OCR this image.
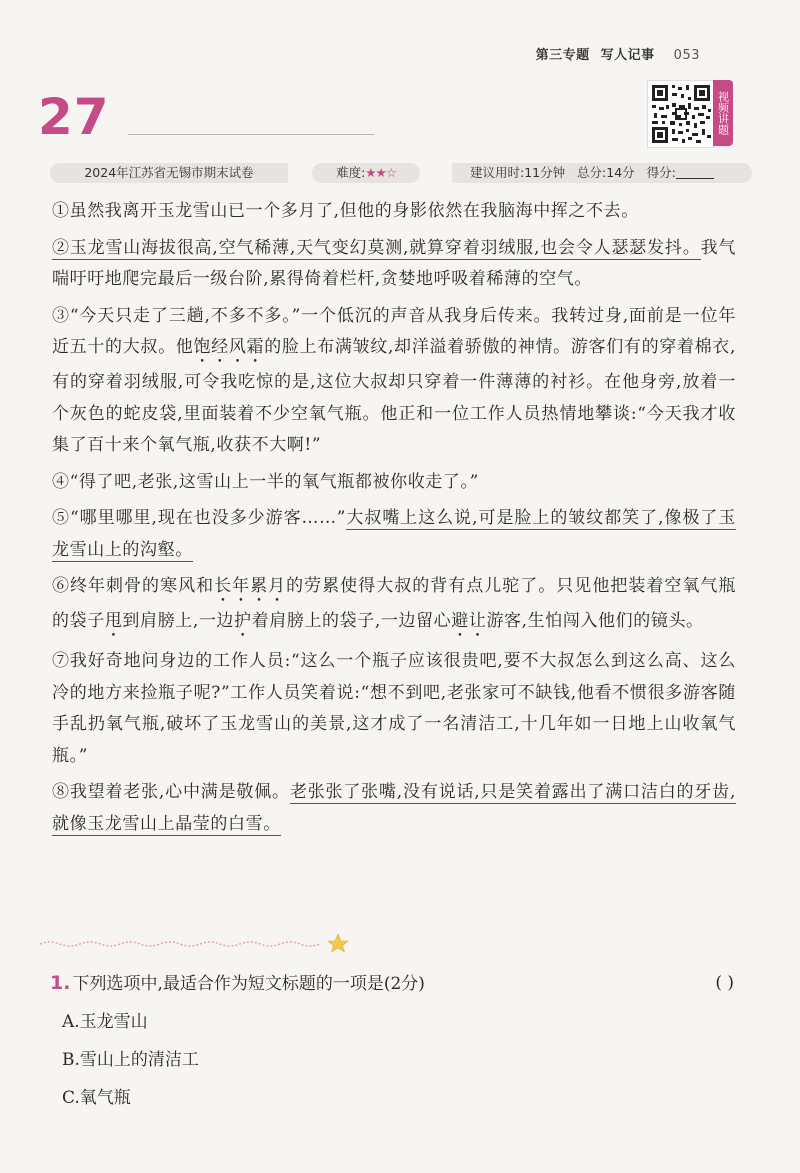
第三专题 写人记事 053
27	视频讲题
2024年江苏省无锡市期末试卷	难度:★★☆	建议用时:11分钟 总分:14分 得分:

①虽然我离开玉龙雪山已一个多月了,但他的身影依然在我脑海中挥之不去。

②玉龙雪山海拔很高,空气稀薄,天气变幻莫测,就算穿着羽绒服,也会令人瑟瑟发抖。我气喘吁吁地爬完最后一级台阶,累得倚着栏杆,贪婪地呼吸着稀薄的空气。

③“今天只走了三趟,不多不多。”一个低沉的声音从我身后传来。我转过身,面前是一位年近五十的大叔。他饱经风霜的脸上布满皱纹,却洋溢着骄傲的神情。游客们有的穿着棉衣,有的穿着羽绒服,可令我吃惊的是,这位大叔却只穿着一件薄薄的衬衫。在他身旁,放着一个灰色的蛇皮袋,里面装着不少空氧气瓶。他正和一位工作人员热情地攀谈:“今天我才收集了百十来个氧气瓶,收获不大啊!”

④“得了吧,老张,这雪山上一半的氧气瓶都被你收走了。”

⑤“哪里哪里,现在也没多少游客……”大叔嘴上这么说,可是脸上的皱纹都笑了,像极了玉龙雪山上的沟壑。

⑥终年刺骨的寒风和长年累月的劳累使得大叔的背有点儿驼了。只见他把装着空氧气瓶的袋子甩到肩膀上,一边护着肩膀上的袋子,一边留心避让游客,生怕闯入他们的镜头。

⑦我好奇地问身边的工作人员:“这么一个瓶子应该很贵吧,要不大叔怎么到这么高、这么冷的地方来捡瓶子呢?”工作人员笑着说:“想不到吧,老张家可不缺钱,他看不惯很多游客随手乱扔氧气瓶,破坏了玉龙雪山的美景,这才成了一名清洁工,十几年如一日地上山收氧气瓶。”

⑧我望着老张,心中满是敬佩。老张张了张嘴,没有说话,只是笑着露出了满口洁白的牙齿,就像玉龙雪山上晶莹的白雪。

1. 下列选项中,最适合作为短文标题的一项是(2分)	( )
A.玉龙雪山
B.雪山上的清洁工
C.氧气瓶
